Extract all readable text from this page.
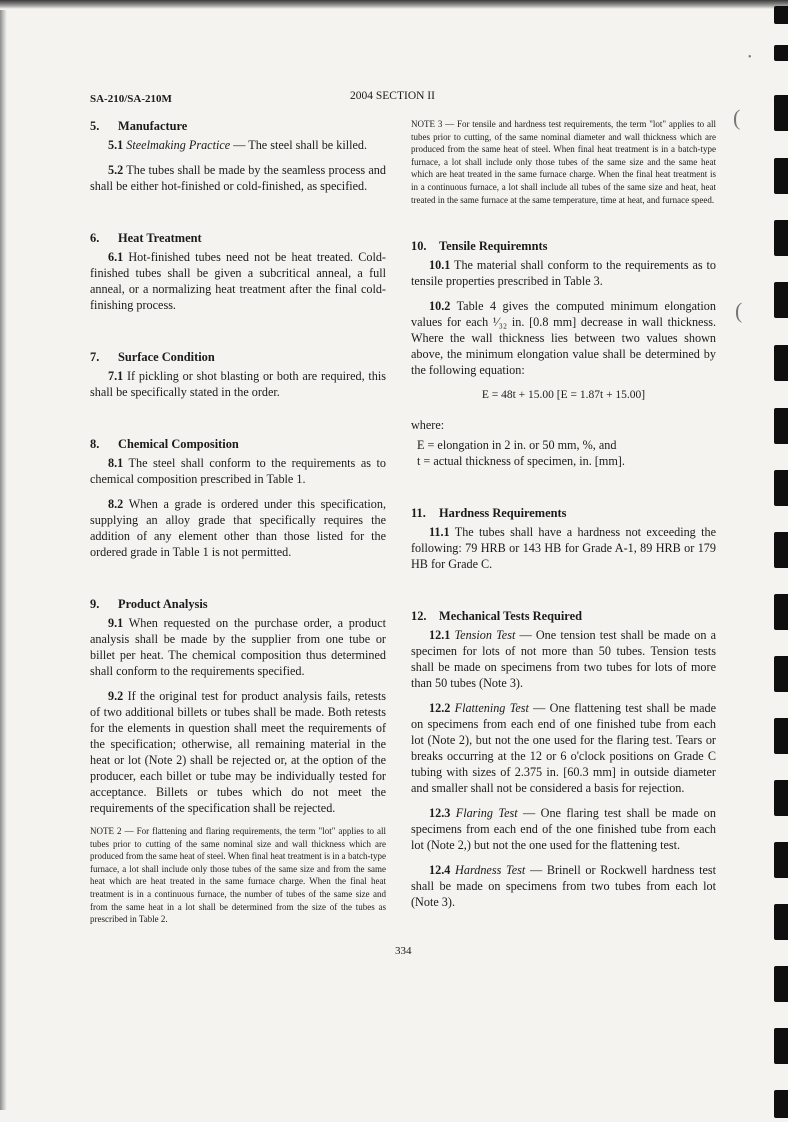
•
(
(
SA-210/SA-210M	2004 SECTION II
5. Manufacture

5.1 Steelmaking Practice — The steel shall be killed.

5.2 The tubes shall be made by the seamless process and shall be either hot-finished or cold-finished, as specified.

6. Heat Treatment

6.1 Hot-finished tubes need not be heat treated. Cold-finished tubes shall be given a subcritical anneal, a full anneal, or a normalizing heat treatment after the final cold-finishing process.

7. Surface Condition

7.1 If pickling or shot blasting or both are required, this shall be specifically stated in the order.

8. Chemical Composition

8.1 The steel shall conform to the requirements as to chemical composition prescribed in Table 1.

8.2 When a grade is ordered under this specification, supplying an alloy grade that specifically requires the addition of any element other than those listed for the ordered grade in Table 1 is not permitted.

9. Product Analysis

9.1 When requested on the purchase order, a product analysis shall be made by the supplier from one tube or billet per heat. The chemical composition thus determined shall conform to the requirements specified.

9.2 If the original test for product analysis fails, retests of two additional billets or tubes shall be made. Both retests for the elements in question shall meet the requirements of the specification; otherwise, all remaining material in the heat or lot (Note 2) shall be rejected or, at the option of the producer, each billet or tube may be individually tested for acceptance. Billets or tubes which do not meet the requirements of the specification shall be rejected.

NOTE 2 — For flattening and flaring requirements, the term "lot" applies to all tubes prior to cutting of the same nominal size and wall thickness which are produced from the same heat of steel. When final heat treatment is in a batch-type furnace, a lot shall include only those tubes of the same size and from the same heat which are heat treated in the same furnace charge. When the final heat treatment is in a continuous furnace, the number of tubes of the same size and from the same heat in a lot shall be determined from the size of the tubes as prescribed in Table 2.

NOTE 3 — For tensile and hardness test requirements, the term "lot" applies to all tubes prior to cutting, of the same nominal diameter and wall thickness which are produced from the same heat of steel. When final heat treatment is in a batch-type furnace, a lot shall include only those tubes of the same size and the same heat which are heat treated in the same furnace charge. When the final heat treatment is in a continuous furnace, a lot shall include all tubes of the same size and heat, heat treated in the same furnace at the same temperature, time at heat, and furnace speed.

10. Tensile Requiremnts

10.1 The material shall conform to the requirements as to tensile properties prescribed in Table 3.

10.2 Table 4 gives the computed minimum elongation values for each ¹⁄₃₂ in. [0.8 mm] decrease in wall thickness. Where the wall thickness lies between two values shown above, the minimum elongation value shall be determined by the following equation:

E = 48t + 15.00 [E = 1.87t + 15.00]

where:

E = elongation in 2 in. or 50 mm, %, and

t = actual thickness of specimen, in. [mm].

11. Hardness Requirements

11.1 The tubes shall have a hardness not exceeding the following: 79 HRB or 143 HB for Grade A-1, 89 HRB or 179 HB for Grade C.

12. Mechanical Tests Required

12.1 Tension Test — One tension test shall be made on a specimen for lots of not more than 50 tubes. Tension tests shall be made on specimens from two tubes for lots of more than 50 tubes (Note 3).

12.2 Flattening Test — One flattening test shall be made on specimens from each end of one finished tube from each lot (Note 2), but not the one used for the flaring test. Tears or breaks occurring at the 12 or 6 o'clock positions on Grade C tubing with sizes of 2.375 in. [60.3 mm] in outside diameter and smaller shall not be considered a basis for rejection.

12.3 Flaring Test — One flaring test shall be made on specimens from each end of the one finished tube from each lot (Note 2,) but not the one used for the flattening test.

12.4 Hardness Test — Brinell or Rockwell hardness test shall be made on specimens from two tubes from each lot (Note 3).

334
